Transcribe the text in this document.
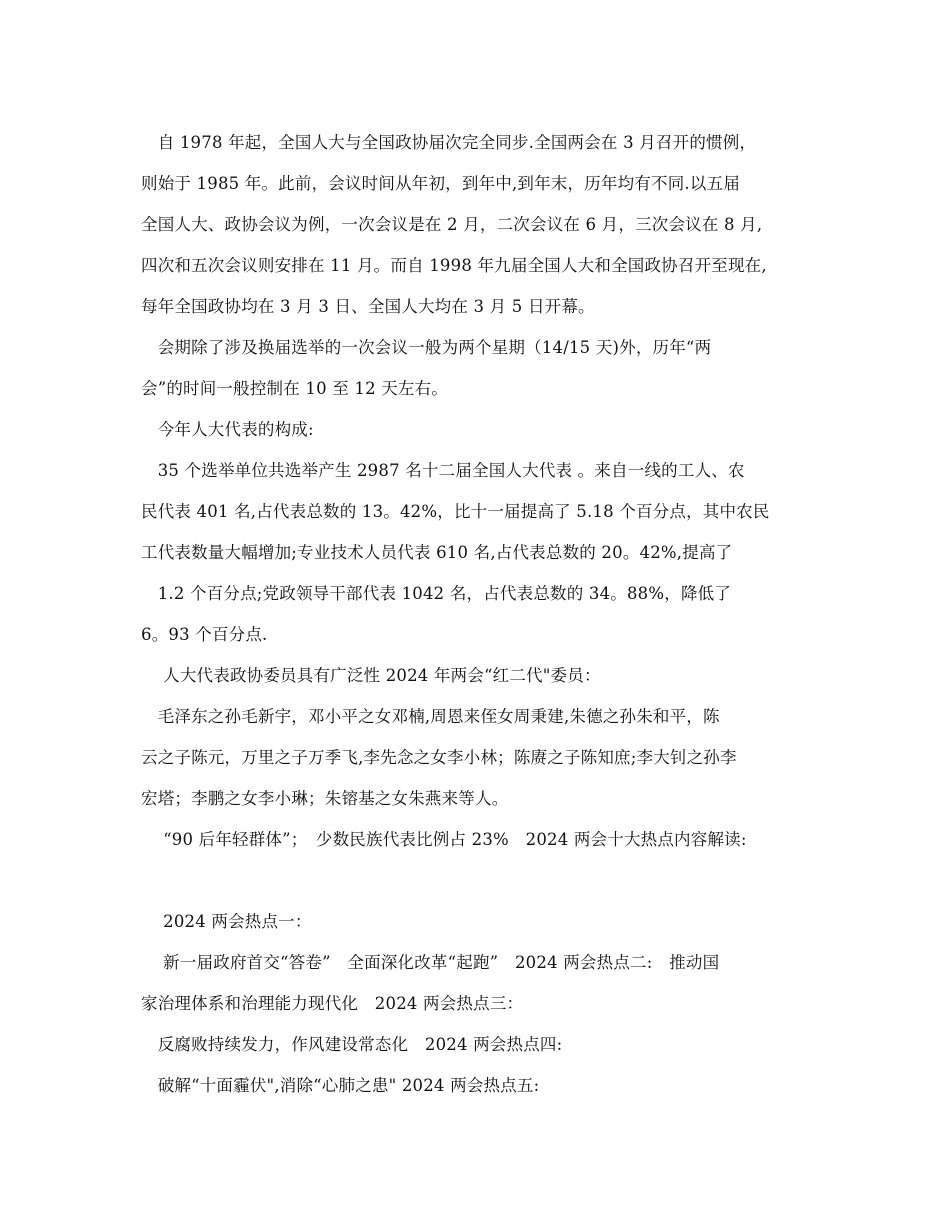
　自 1978 年起，全国人大与全国政协届次完全同步.全国两会在 3 月召开的惯例，
则始于 1985 年。此前，会议时间从年初，到年中,到年末，历年均有不同.以五届
全国人大、政协会议为例，一次会议是在 2 月，二次会议在 6 月，三次会议在 8 月,
四次和五次会议则安排在 11 月。而自 1998 年九届全国人大和全国政协召开至现在,
每年全国政协均在 3 月 3 日、全国人大均在 3 月 5 日开幕。
　会期除了涉及换届选举的一次会议一般为两个星期（14/15 天)外，历年“两
会”的时间一般控制在 10 至 12 天左右。
　今年人大代表的构成:
　35 个选举单位共选举产生 2987 名十二届全国人大代表 。来自一线的工人、农
民代表 401 名,占代表总数的 13。42%，比十一届提高了 5.18 个百分点，其中农民
工代表数量大幅增加;专业技术人员代表 610 名,占代表总数的 20。42%,提高了
　1.2 个百分点;党政领导干部代表 1042 名，占代表总数的 34。88%，降低了
6。93 个百分点.
　 人大代表政协委员具有广泛性 2024 年两会“红二代"委员：
　毛泽东之孙毛新宇，邓小平之女邓楠,周恩来侄女周秉建,朱德之孙朱和平，陈
云之子陈元，万里之子万季飞,李先念之女李小林；陈赓之子陈知庶;李大钊之孙李
宏塔；李鹏之女李小琳；朱镕基之女朱燕来等人。
　 “90 后年轻群体”；　少数民族代表比例占 23%　2024 两会十大热点内容解读:
　 2024 两会热点一：
　 新一届政府首交“答卷”　全面深化改革“起跑”　2024 两会热点二:　推动国
家治理体系和治理能力现代化　2024 两会热点三：
　反腐败持续发力，作风建设常态化　2024 两会热点四:
　破解“十面霾伏",消除“心肺之患" 2024 两会热点五:
